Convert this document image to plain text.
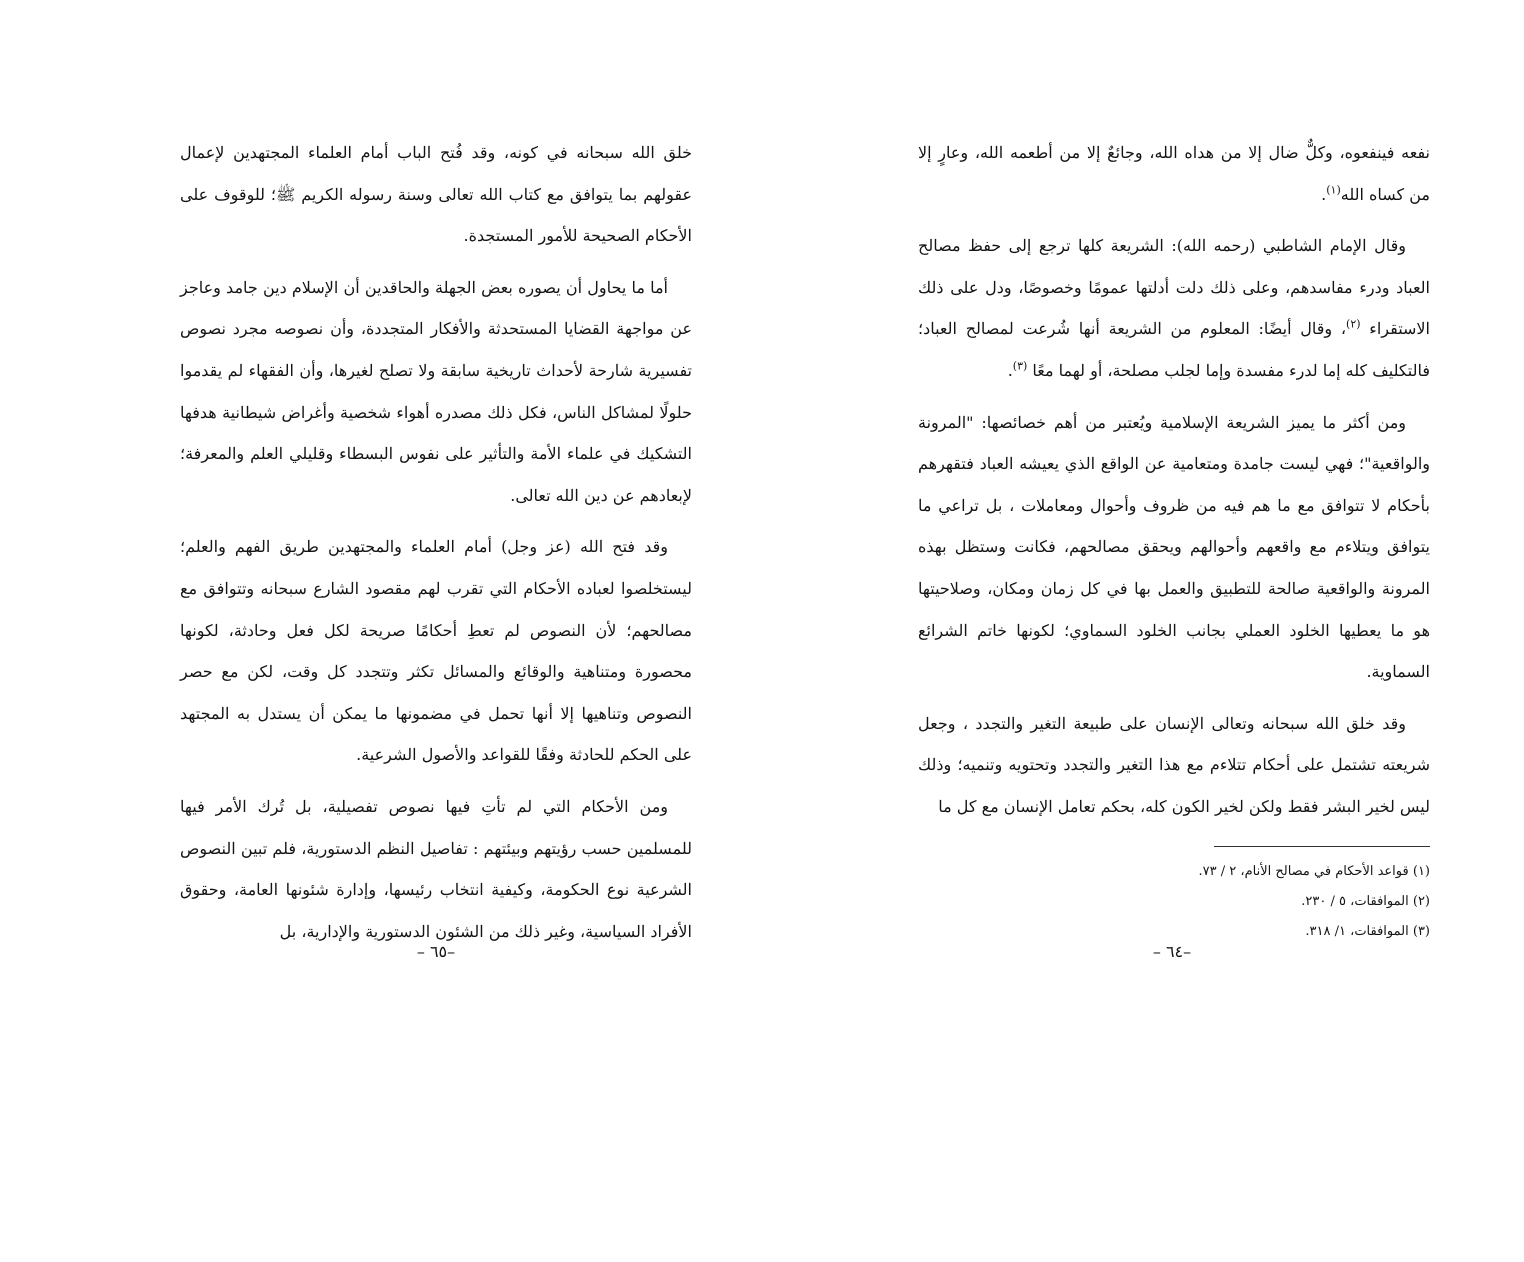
خلق الله سبحانه في كونه، وقد فُتح الباب أمام العلماء المجتهدين لإعمال عقولهم بما يتوافق مع كتاب الله تعالى وسنة رسوله الكريم ﷺ؛ للوقوف على الأحكام الصحيحة للأمور المستجدة.

أما ما يحاول أن يصوره بعض الجهلة والحاقدين أن الإسلام دين جامد وعاجز عن مواجهة القضايا المستحدثة والأفكار المتجددة، وأن نصوصه مجرد نصوص تفسيرية شارحة لأحداث تاريخية سابقة ولا تصلح لغيرها، وأن الفقهاء لم يقدموا حلولًا لمشاكل الناس، فكل ذلك مصدره أهواء شخصية وأغراض شيطانية هدفها التشكيك في علماء الأمة والتأثير على نفوس البسطاء وقليلي العلم والمعرفة؛ لإبعادهم عن دين الله تعالى.

وقد فتح الله (عز وجل) أمام العلماء والمجتهدين طريق الفهم والعلم؛ ليستخلصوا لعباده الأحكام التي تقرب لهم مقصود الشارع سبحانه وتتوافق مع مصالحهم؛ لأن النصوص لم تعطِ أحكامًا صريحة لكل فعل وحادثة، لكونها محصورة ومتناهية والوقائع والمسائل تكثر وتتجدد كل وقت، لكن مع حصر النصوص وتناهيها إلا أنها تحمل في مضمونها ما يمكن أن يستدل به المجتهد على الحكم للحادثة وفقًا للقواعد والأصول الشرعية.

ومن الأحكام التي لم تأتِ فيها نصوص تفصيلية، بل تُرك الأمر فيها للمسلمين حسب رؤيتهم وبيئتهم : تفاصيل النظم الدستورية، فلم تبين النصوص الشرعية نوع الحكومة، وكيفية انتخاب رئيسها، وإدارة شئونها العامة، وحقوق الأفراد السياسية، وغير ذلك من الشئون الدستورية والإدارية، بل

–٦٥ –

نفعه فينفعوه، وكلٌّ ضال إلا من هداه الله، وجائعٌ إلا من أطعمه الله، وعارٍ إلا من كساه الله$^{(١)}$.

وقال الإمام الشاطبي (رحمه الله): الشريعة كلها ترجع إلى حفظ مصالح العباد ودرء مفاسدهم، وعلى ذلك دلت أدلتها عمومًا وخصوصًا، ودل على ذلك الاستقراء $^{(٢)}$، وقال أيضًا: المعلوم من الشريعة أنها شُرعت لمصالح العباد؛ فالتكليف كله إما لدرء مفسدة وإما لجلب مصلحة، أو لهما معًا $^{(٣)}$.

ومن أكثر ما يميز الشريعة الإسلامية ويُعتبر من أهم خصائصها: "المرونة والواقعية"؛ فهي ليست جامدة ومتعامية عن الواقع الذي يعيشه العباد فتقهرهم بأحكام لا تتوافق مع ما هم فيه من ظروف وأحوال ومعاملات ، بل تراعي ما يتوافق ويتلاءم مع واقعهم وأحوالهم ويحقق مصالحهم، فكانت وستظل بهذه المرونة والواقعية صالحة للتطبيق والعمل بها في كل زمان ومكان، وصلاحيتها هو ما يعطيها الخلود العملي بجانب الخلود السماوي؛ لكونها خاتم الشرائع السماوية.

وقد خلق الله سبحانه وتعالى الإنسان على طبيعة التغير والتجدد ، وجعل شريعته تشتمل على أحكام تتلاءم مع هذا التغير والتجدد وتحتويه وتنميه؛ وذلك ليس لخير البشر فقط ولكن لخير الكون كله، بحكم تعامل الإنسان مع كل ما

(١) قواعد الأحكام في مصالح الأنام، ٢ / ٧٣.

(٢) الموافقات، ٥ / ٢٣٠.

(٣) الموافقات، ١/ ٣١٨.

–٦٤ –
